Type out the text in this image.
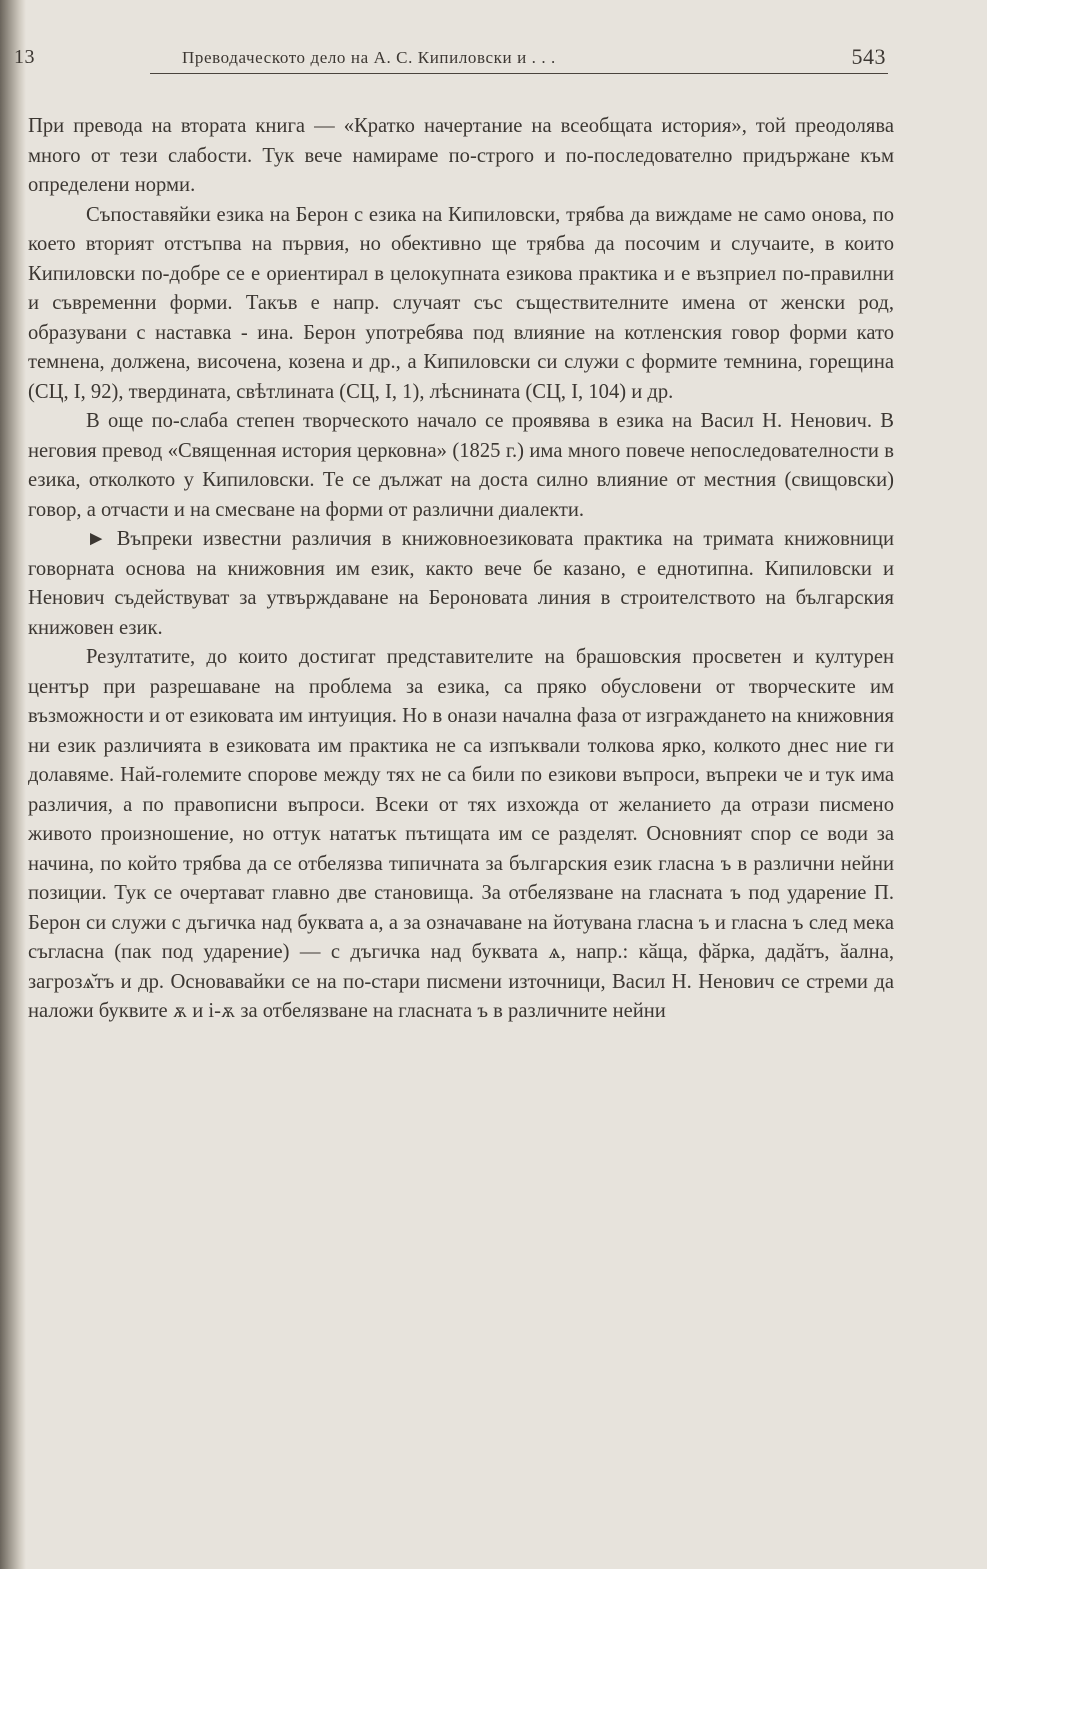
13	Преводаческото дело на А. С. Кипиловски и . . .	543

При превода на втората книга — «Кратко начертание на всеобщата история», той преодолява много от тези слабости. Тук вече намираме по-строго и по-последователно придържане към определени норми.

Съпоставяйки езика на Берон с езика на Кипиловски, трябва да виждаме не само онова, по което вторият отстъпва на първия, но обективно ще трябва да посочим и случаите, в които Кипиловски по-добре се е ориентирал в целокупната езикова практика и е възприел по-правилни и съвременни форми. Такъв е напр. случаят със съществителните имена от женски род, образувани с наставка - ина. Берон употребява под влияние на котленския говор форми като темнена, долженa, височена, козена и др., а Кипиловски си служи с формите темнина, горещина (СЦ, I, 92), твердината, свѣтлината (СЦ, I, 1), лѣснината (СЦ, I, 104) и др.

В още по-слаба степен творческото начало се проявява в езика на Васил Н. Ненович. В неговия превод «Священная история церковна» (1825 г.) има много повече непоследователности в езика, отколкото у Кипиловски. Те се дължат на доста силно влияние от местния (свищовски) говор, а отчасти и на смесване на форми от различни диалекти.

► Въпреки известни различия в книжовноезиковата практика на тримата книжовници говорната основа на книжовния им език, както вече бе казано, е еднотипна. Кипиловски и Ненович съдействуват за утвърждаване на Бероновата линия в строителството на българския книжовен език.

Резултатите, до които достигат представителите на брашовския просветен и културен център при разрешаване на проблема за езика, са пряко обусловени от творческите им възможности и от езиковата им интуиция. Но в онази начална фаза от изграждането на книжовния ни език различията в езиковата им практика не са изпъквали толкова ярко, колкото днес ние ги долавяме. Най-големите спорове между тях не са били по езикови въпроси, въпреки че и тук има различия, а по правописни въпроси. Всеки от тях изхожда от желанието да отрази писмено живото произношение, но оттук нататък пътищата им се разделят. Основният спор се води за начина, по който трябва да се отбелязва типичната за българския език гласна ъ в различни нейни позиции. Тук се очертават главно две становища. За отбелязване на гласната ъ под ударение П. Берон си служи с дъгичка над буквата а, а за означаване на йотувана гласна ъ и гласна ъ след мека съгласна (пак под ударение) — с дъгичка над буквата ѧ, напр.: кӑща, фӑрка, дадӑтъ, ӑална, загрозѧ̆тъ и др. Основавайки се на по-стари писмени източници, Васил Н. Ненович се стреми да наложи буквите ѫ и і-ѫ за отбелязване на гласната ъ в различните нейни
